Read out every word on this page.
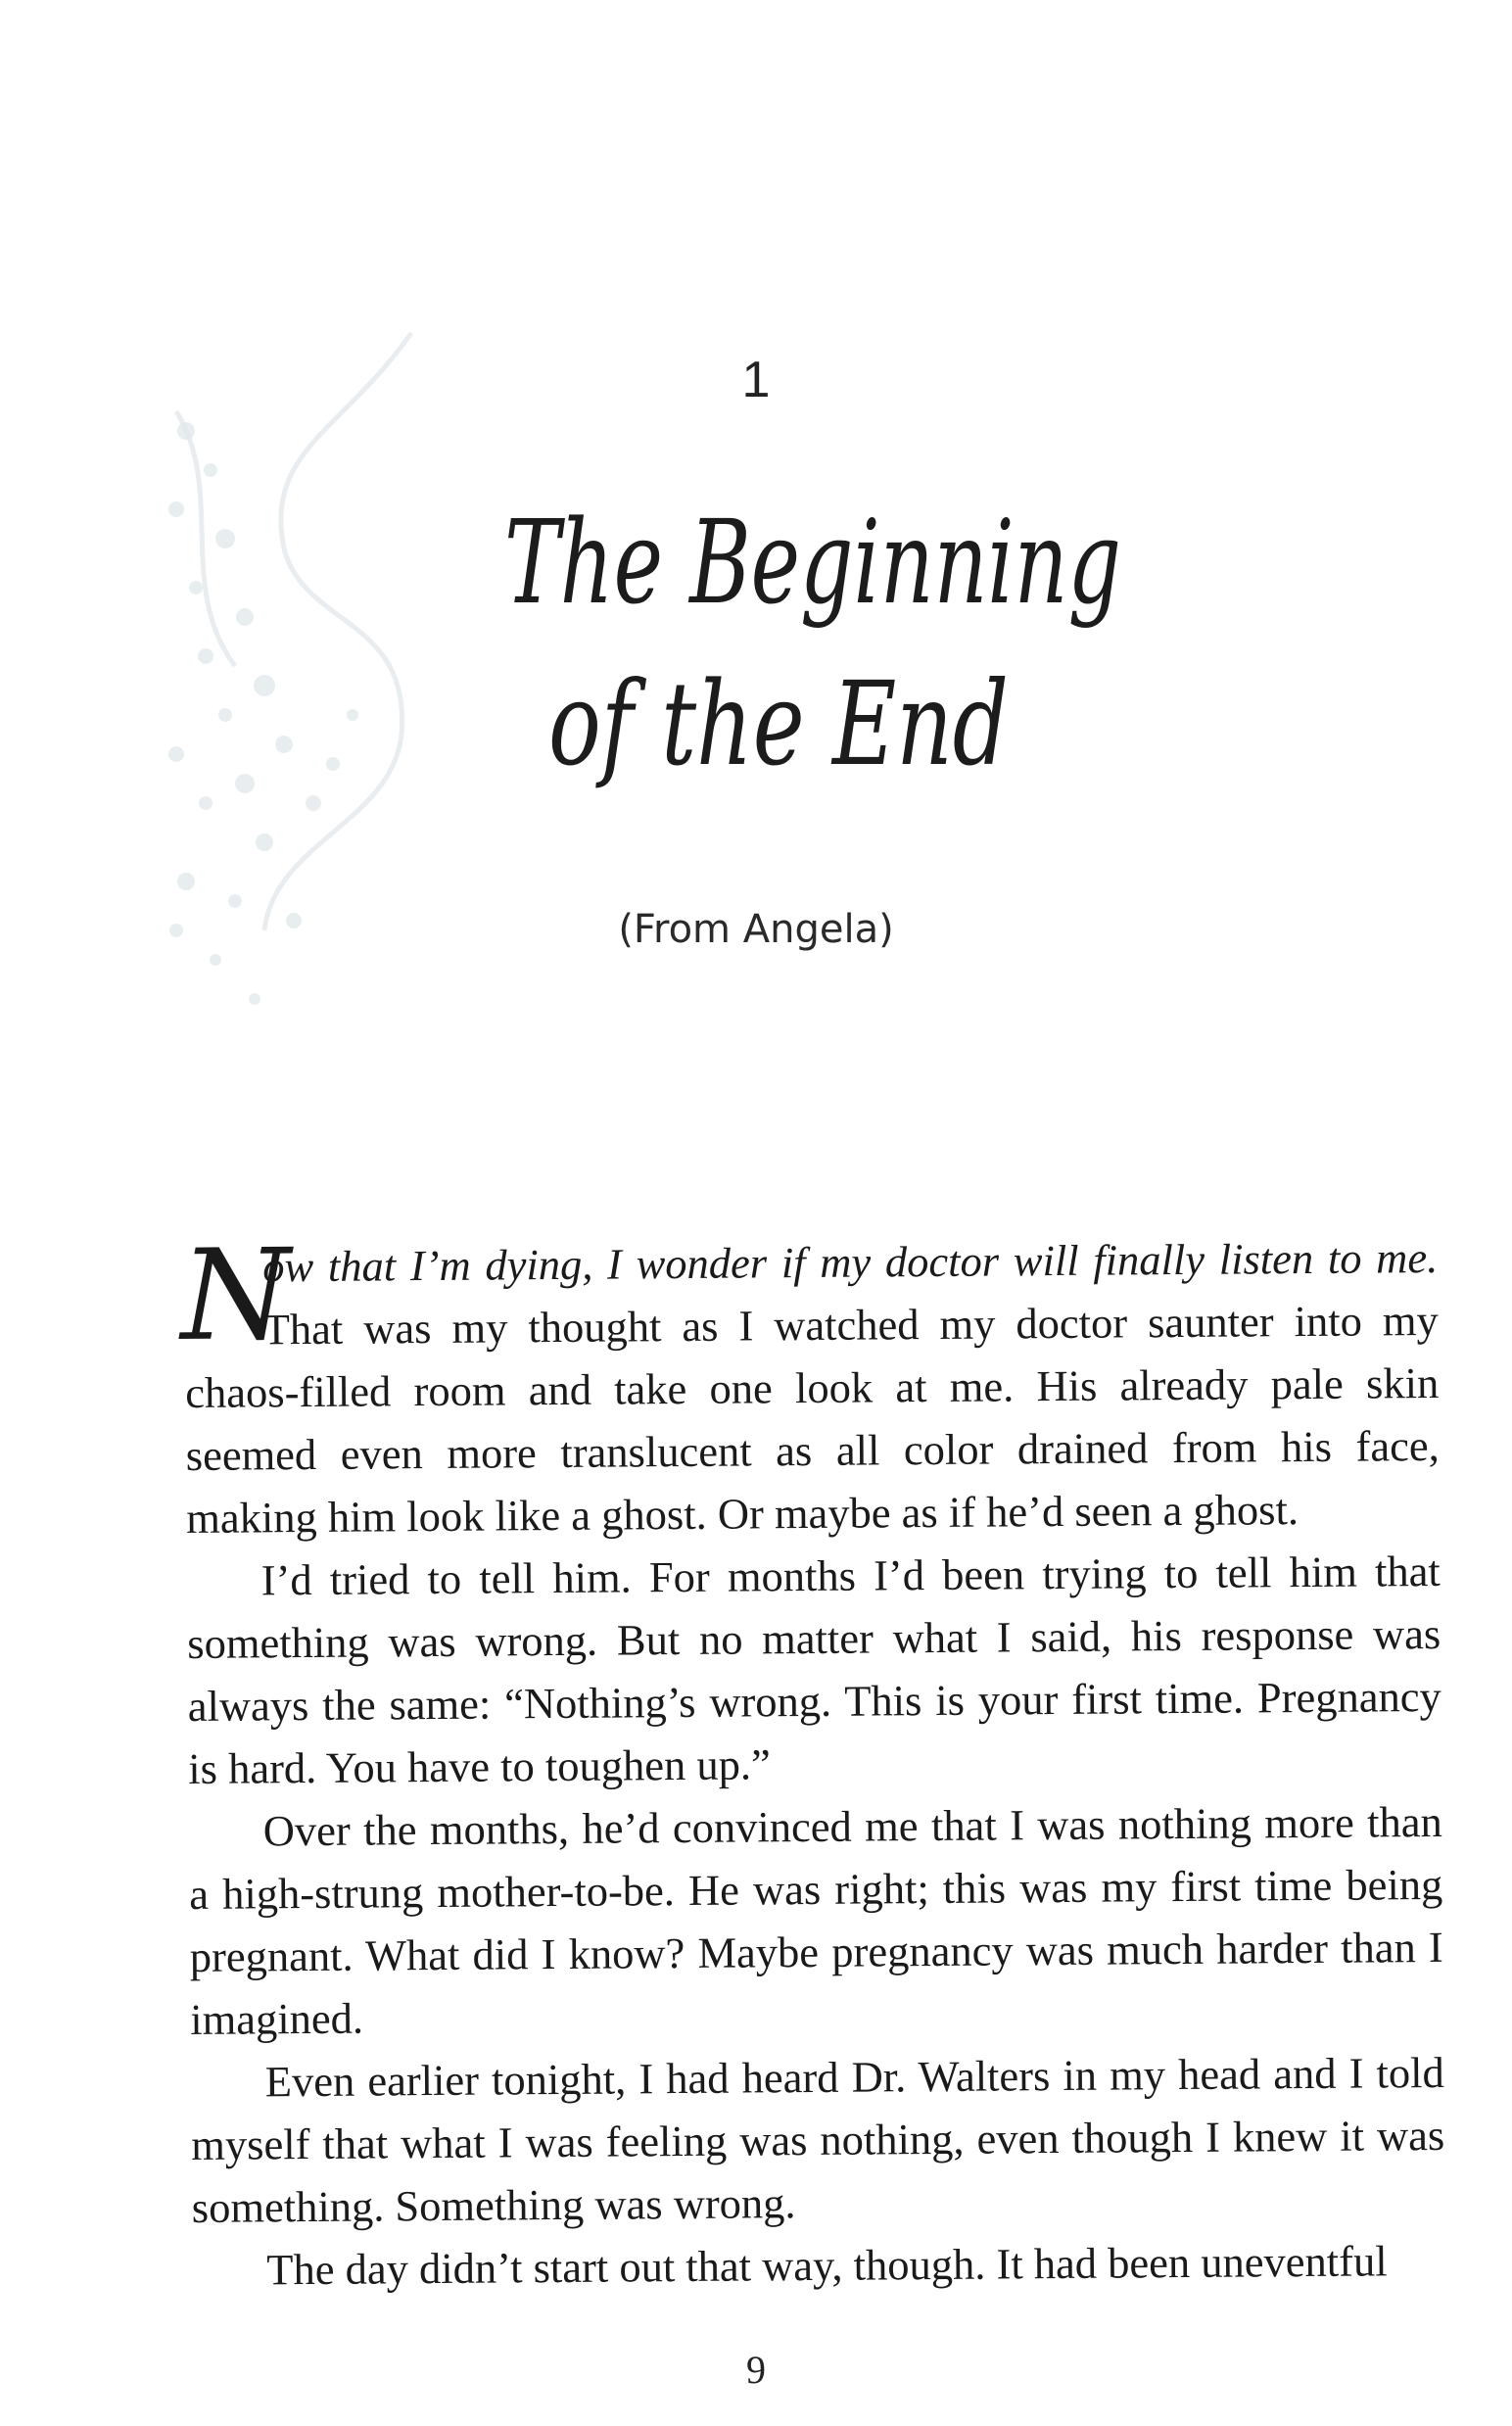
1
The Beginning
of the End
(From Angela)

N
ow that I’m dying, I wonder if my doctor will finally listen to me. That was my thought as I watched my doctor saunter into my chaos-filled room and take one look at me. His already pale skin seemed even more translucent as all color drained from his face, making him look like a ghost. Or maybe as if he’d seen a ghost.

I’d tried to tell him. For months I’d been trying to tell him that something was wrong. But no matter what I said, his response was always the same: “Nothing’s wrong. This is your first time. Pregnancy is hard. You have to toughen up.”

Over the months, he’d convinced me that I was nothing more than a high-strung mother-to-be. He was right; this was my first time being pregnant. What did I know? Maybe pregnancy was much harder than I imagined.

Even earlier tonight, I had heard Dr. Walters in my head and I told myself that what I was feeling was nothing, even though I knew it was something. Something was wrong.

The day didn’t start out that way, though. It had been uneventful

9
